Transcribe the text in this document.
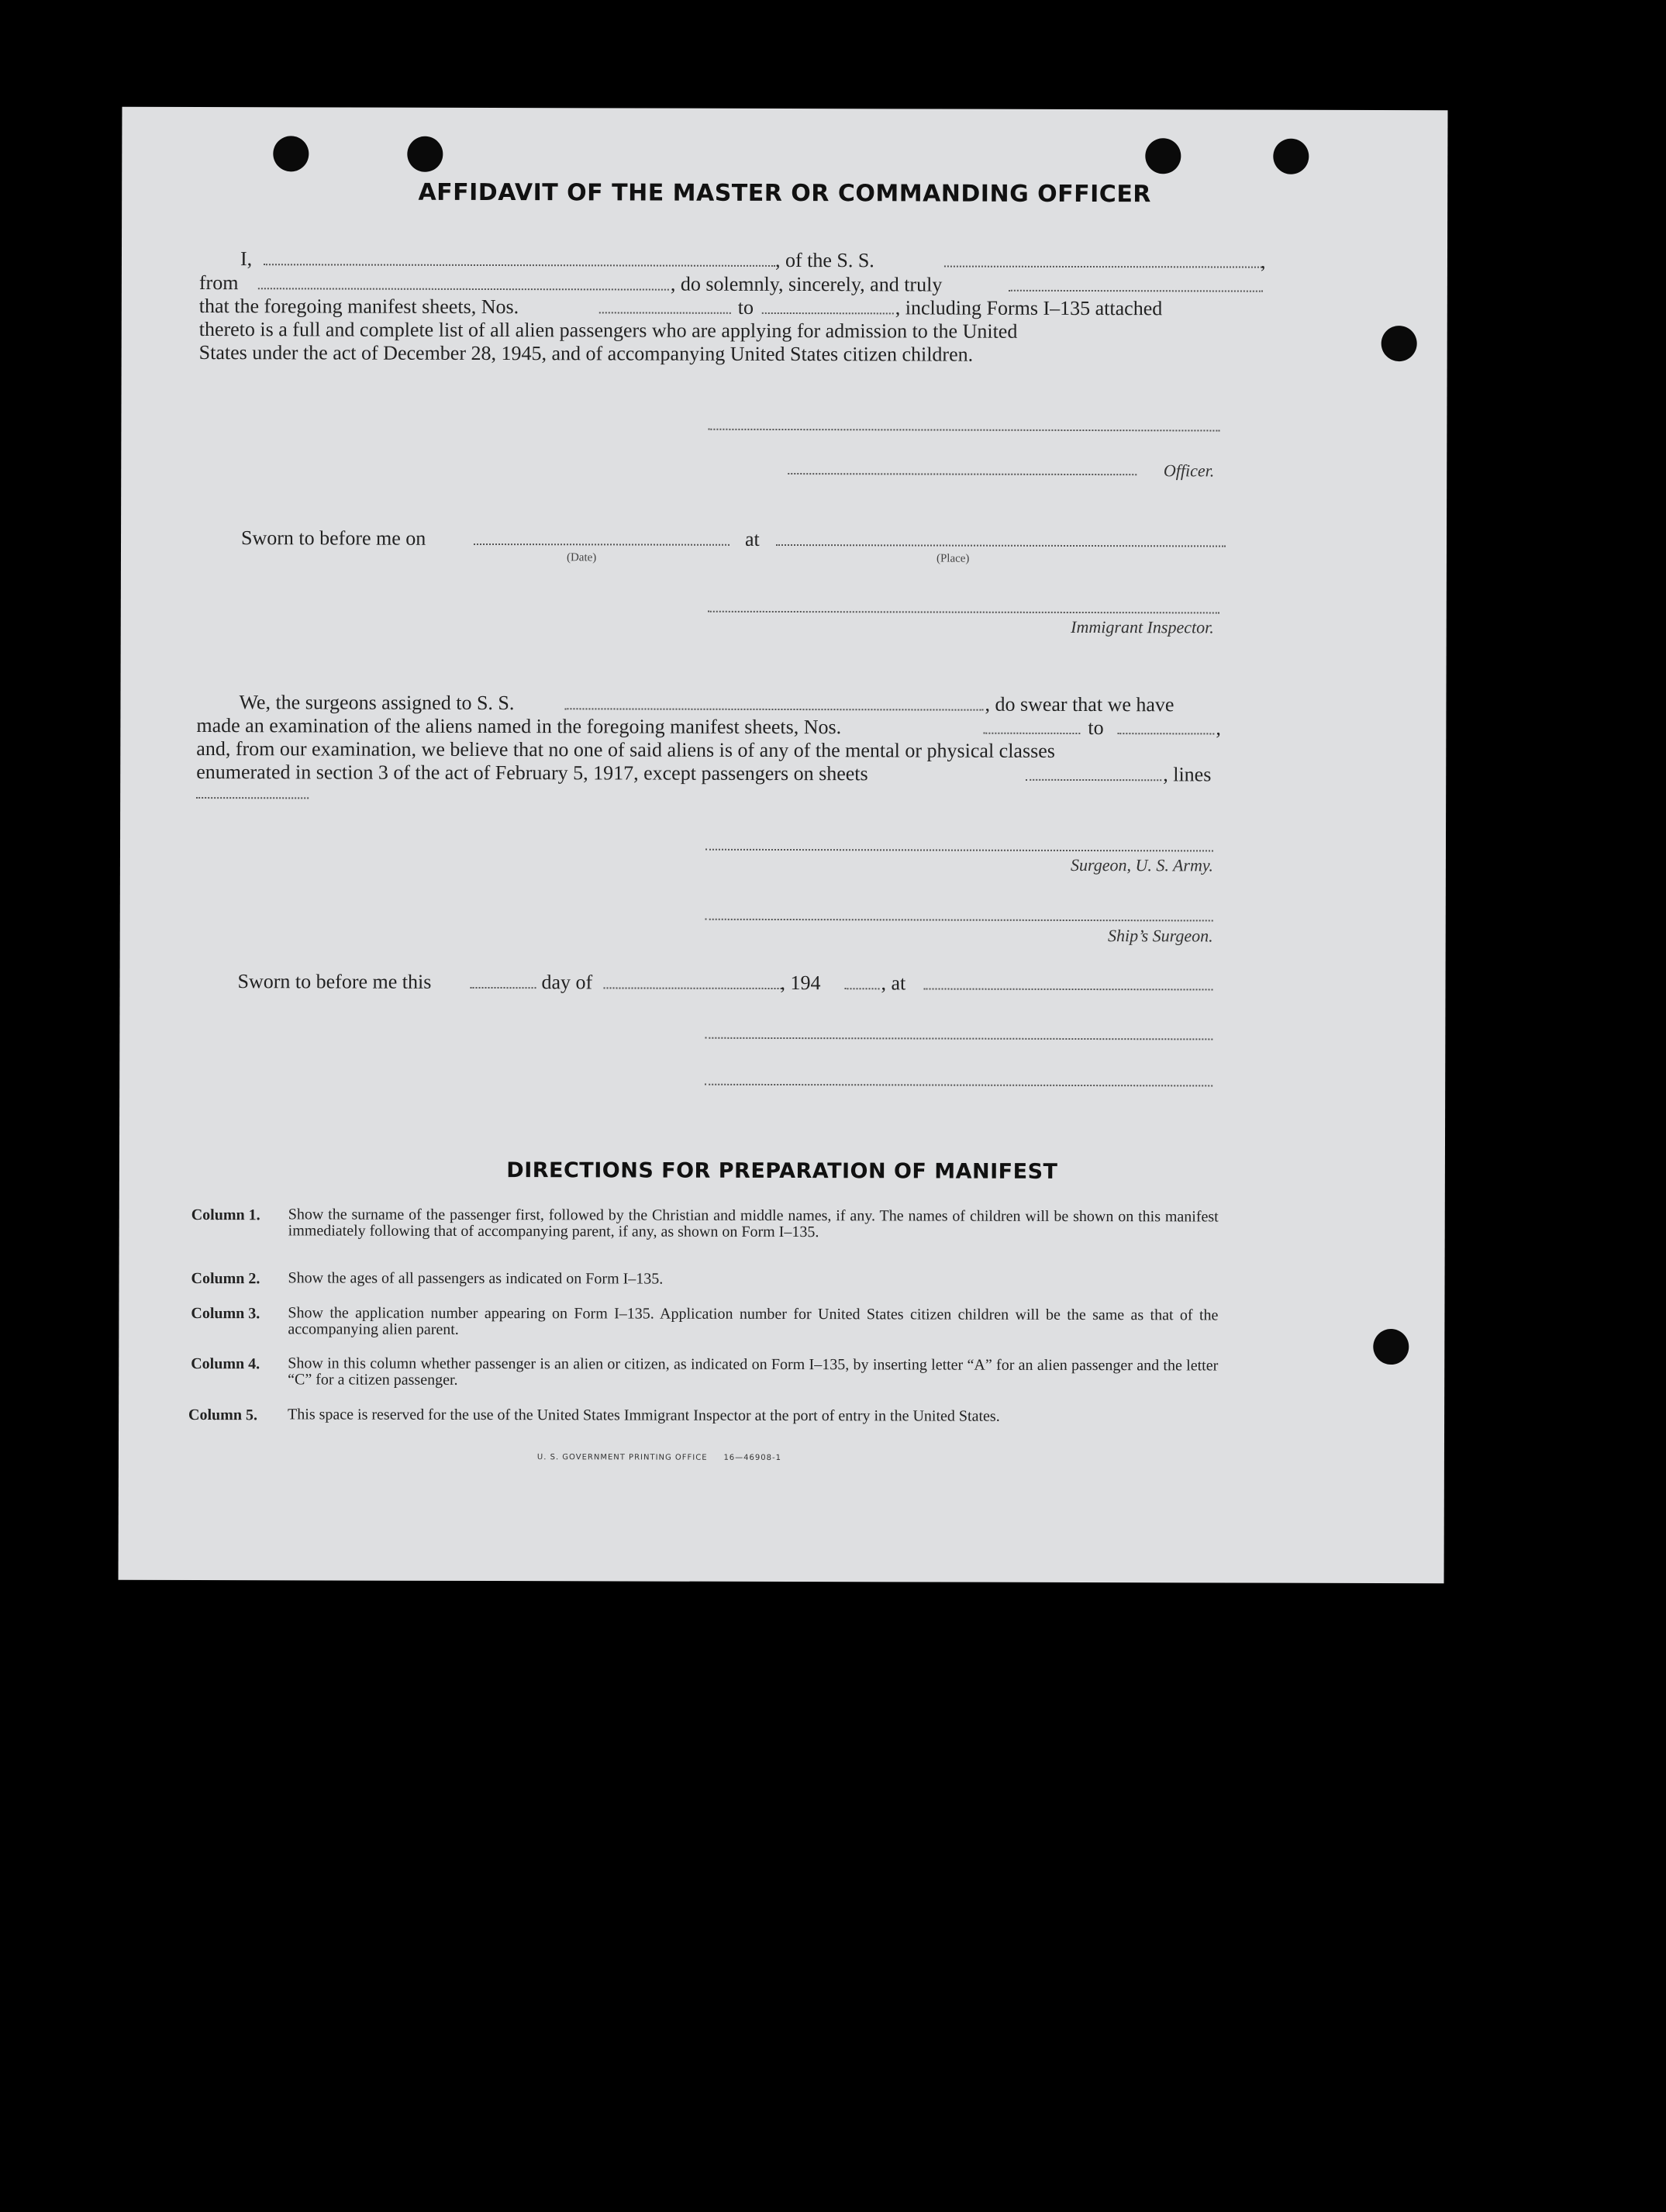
AFFIDAVIT OF THE MASTER OR COMMANDING OFFICER
I,	, of the S. S.	,
from	, do solemnly, sincerely, and truly
that the foregoing manifest sheets, Nos.	to	, including Forms I–135 attached
thereto is a full and complete list of all alien passengers who are applying for admission to the United
States under the act of December 28, 1945, and of accompanying United States citizen children.
Officer.
Sworn to before me on	at
(Date)	(Place)
Immigrant Inspector.
We, the surgeons assigned to S. S.	, do swear that we have
made an examination of the aliens named in the foregoing manifest sheets, Nos.	to	,
and, from our examination, we believe that no one of said aliens is of any of the mental or physical classes
enumerated in section 3 of the act of February 5, 1917, except passengers on sheets	, lines
Surgeon, U. S. Army.
Ship’s Surgeon.
Sworn to before me this	day of	, 194	, at
DIRECTIONS FOR PREPARATION OF MANIFEST
Column 1.	Show the surname of the passenger first, followed by the Christian and middle names, if any. The names of children will be shown on this manifest immediately following that of accompanying parent, if any, as shown on Form I–135.
Column 2.	Show the ages of all passengers as indicated on Form I–135.
Column 3.	Show the application number appearing on Form I–135. Application number for United States citizen children will be the same as that of the accompanying alien parent.
Column 4.	Show in this column whether passenger is an alien or citizen, as indicated on Form I–135, by inserting letter “A” for an alien passenger and the letter “C” for a citizen passenger.
Column 5.	This space is reserved for the use of the United States Immigrant Inspector at the port of entry in the United States.
U. S. GOVERNMENT PRINTING OFFICE     16—46908-1
